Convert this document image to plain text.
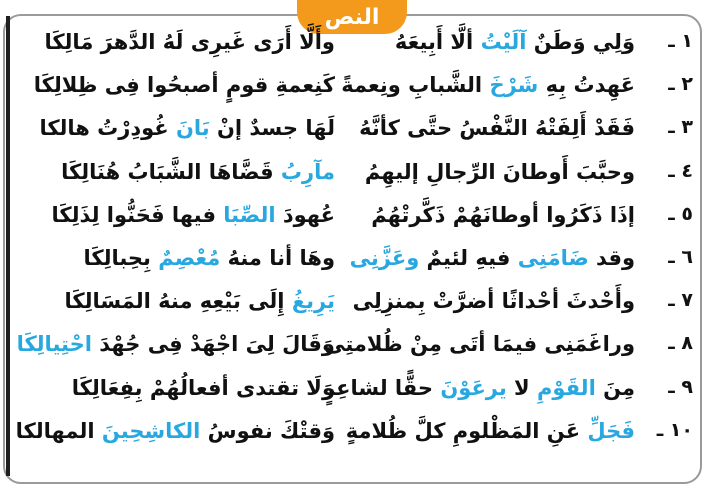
النص
١ ـ
وَلِي وَطَنٌ آلَيْتُ ألَّا أَبِيعَهُ
وأَلَّا أَرَى غَيرِى لَهُ الدَّهرَ مَالِكَا
٢ ـ
عَهِدتُ بِهِ شَرْخَ الشَّبابِ ونِعمةً
كَنِعمةِ قومٍ أصبحُوا فِى ظِلالِكَا
٣ ـ
فَقَدْ أَلِفَتْهُ النَّفْسُ حتَّى كأنَّهُ
لَهَا جسدٌ إنْ بَانَ غُودِرْتُ هالكا
٤ ـ
وحبَّبَ أَوطانَ الرِّجالِ إليهِمُ
مآرِبُ قَضَّاهَا الشَّبَابُ هُنَالِكَا
٥ ـ
إذَا ذَكَرُوا أوطانَهُمْ ذَكَّرتْهُمُ
عُهودَ الصِّبَا فيها فَحَنُّوا لِذَلِكَا
٦ ـ
وقد ضَامَنِى فيهِ لئيمٌ وعَزَّنِى
وهَا أنا منهُ مُعْصِمٌ بِحِبالِكَا
٧ ـ
وأَحْدثَ أحْداثًا أضرَّتْ بِمنزِلِى
يَرِيغُ إِلَى بَيْعِهِ منهُ المَسَالِكَا
٨ ـ
وراغَمَنِى فيمَا أتَى مِنْ ظُلامتِى
وَقَالَ لِىَ اجْهَدْ فِى جُهْدَ احْتِيالِكَا
٩ ـ
مِنَ القَوْمِ لا يرعَوْنَ حقًّا لشاعِرٍ
وَلَا تقتدى أفعالُهُمْ بِفِعَالِكَا
١٠ ـ
فَجَلِّ عَنِ المَظْلومِ كلَّ ظُلامةٍ
وَقتْكَ نفوسُ الكاشِحِينَ المهالكا
